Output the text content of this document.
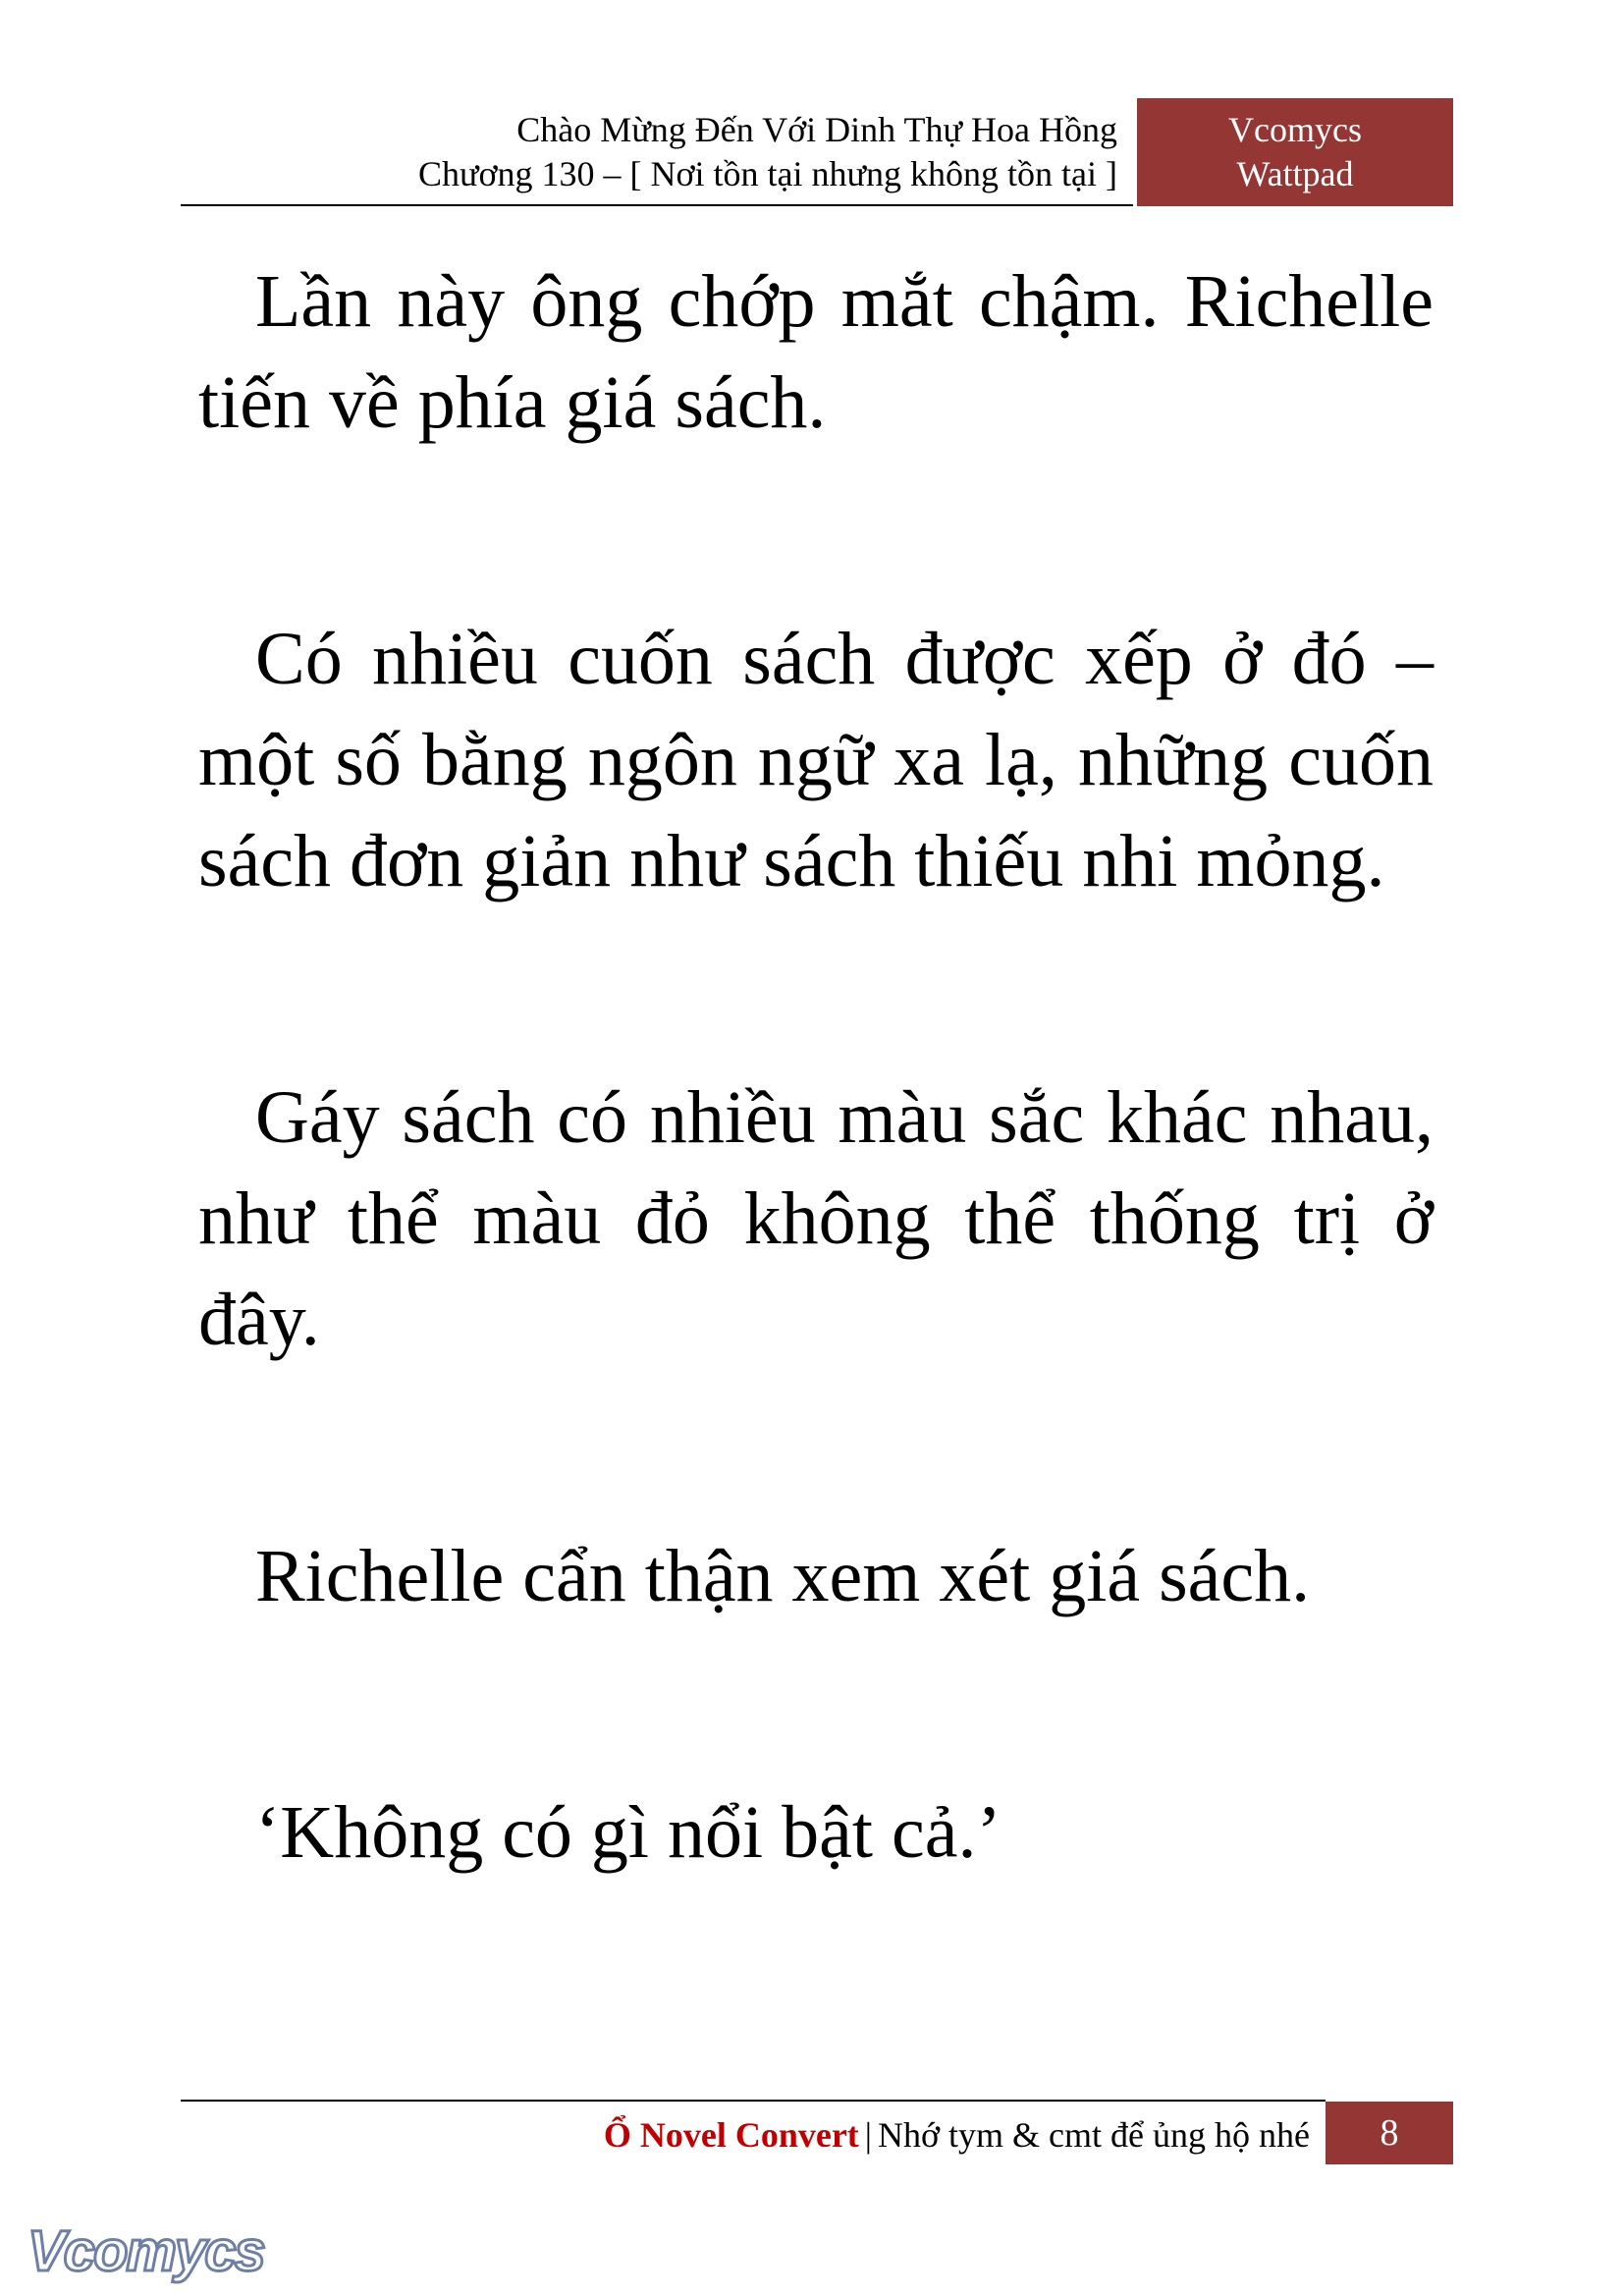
Chào Mừng Đến Với Dinh Thự Hoa Hồng
Chương 130 – [ Nơi tồn tại nhưng không tồn tại ]
Vcomycs
Wattpad

Lần này ông chớp mắt chậm. Richelle tiến về phía giá sách.

Có nhiều cuốn sách được xếp ở đó – một số bằng ngôn ngữ xa lạ, những cuốn sách đơn giản như sách thiếu nhi mỏng.

Gáy sách có nhiều màu sắc khác nhau, như thể màu đỏ không thể thống trị ở đây.

Richelle cẩn thận xem xét giá sách.

‘Không có gì nổi bật cả.’

Ổ Novel Convert | Nhớ tym & cmt để ủng hộ nhé	8
Vcomycs
